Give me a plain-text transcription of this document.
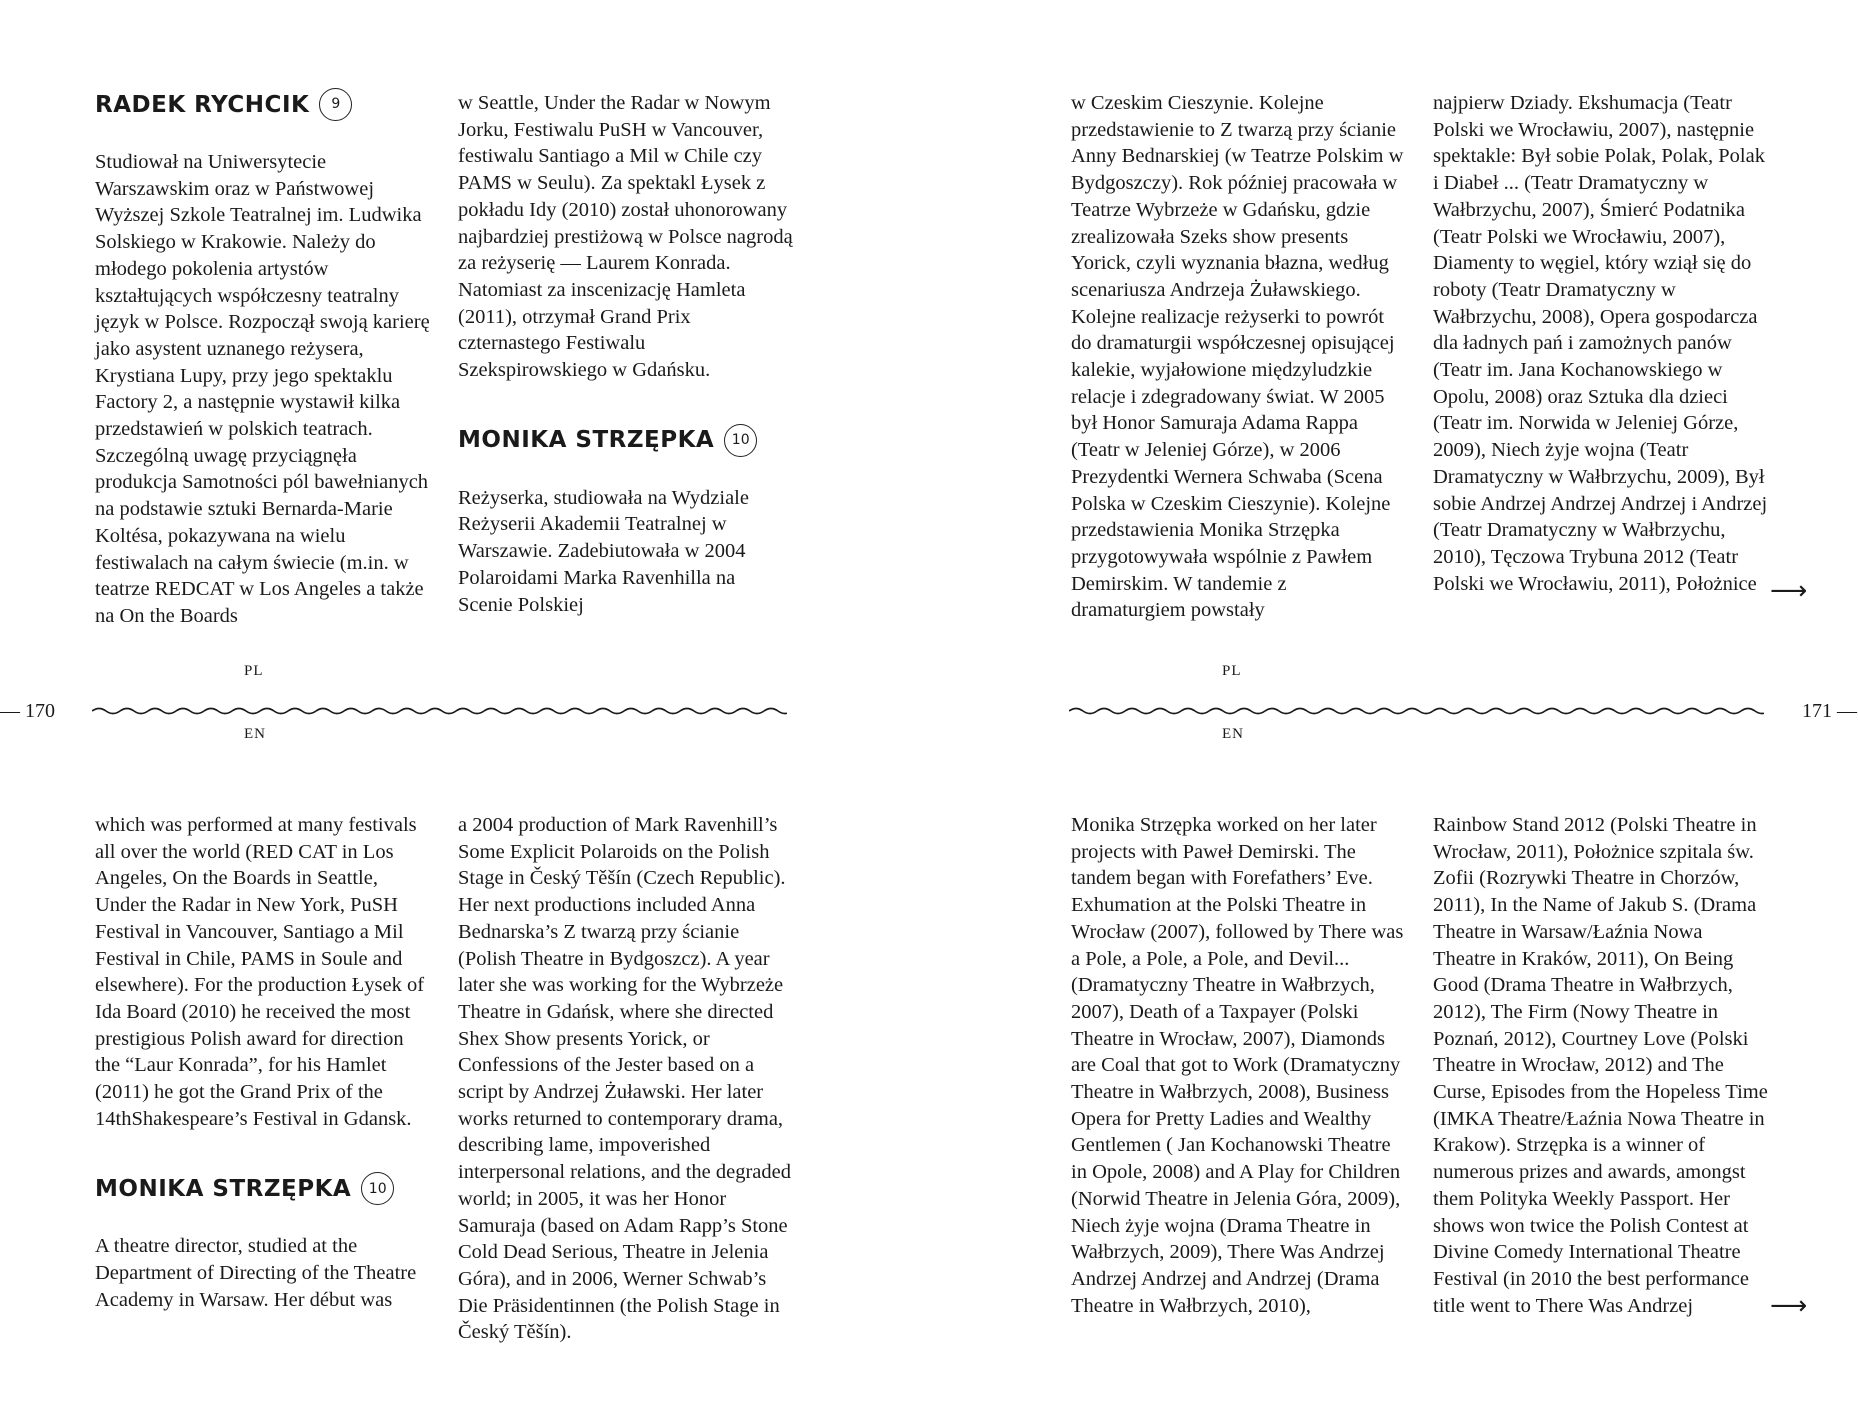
RADEK RYCHCIK	9

Studiował na Uniwersytecie Warszawskim oraz w Państwowej Wyższej Szkole Teatralnej im. Ludwika Solskiego w Krakowie. Należy do młodego pokolenia artystów kształtujących współczesny teatralny język w Polsce. Rozpoczął swoją karierę jako asystent uznanego reżysera, Krystiana Lupy, przy jego spektaklu Factory 2, a następnie wystawił kilka przedstawień w polskich teatrach. Szczególną uwagę przyciągnęła produkcja Samotności pól bawełnianych na podstawie sztuki Bernarda-Marie Koltésa, pokazywana na wielu festiwalach na całym świecie (m.in. w teatrze REDCAT w Los Angeles a także na On the Boards

w Seattle, Under the Radar w Nowym Jorku, Festiwalu PuSH w Vancouver, festiwalu Santiago a Mil w Chile czy PAMS w Seulu). Za spektakl Łysek z pokładu Idy (2010) został uhonorowany najbardziej prestiżową w Polsce nagrodą za reżyserię — Laurem Konrada. Natomiast za inscenizację Hamleta (2011), otrzymał Grand Prix czternastego Festiwalu Szekspirowskiego w Gdańsku.

MONIKA STRZĘPKA	10

Reżyserka, studiowała na Wydziale Reżyserii Akademii Teatralnej w Warszawie. Zadebiutowała w 2004 Polaroidami Marka Ravenhilla na Scenie Polskiej

PL
EN
— 170

which was performed at many festivals all over the world (RED CAT in Los Angeles, On the Boards in Seattle, Under the Radar in New York, PuSH Festival in Vancouver, Santiago a Mil Festival in Chile, PAMS in Soule and elsewhere). For the production Łysek of Ida Board (2010) he received the most prestigious Polish award for direction the “Laur Konrada”, for his Hamlet (2011) he got the Grand Prix of the 14thShakespeare’s Festival in Gdansk.

MONIKA STRZĘPKA	10

A theatre director, studied at the Department of Directing of the Theatre Academy in Warsaw. Her début was

a 2004 production of Mark Ravenhill’s Some Explicit Polaroids on the Polish Stage in Český Těšín (Czech Republic). Her next productions included Anna Bednarska’s Z twarzą przy ścianie (Polish Theatre in Bydgoszcz). A year later she was working for the Wybrzeże Theatre in Gdańsk, where she directed Shex Show presents Yorick, or Confessions of the Jester based on a script by Andrzej Żuławski. Her later works returned to contemporary drama, describing lame, impoverished interpersonal relations, and the degraded world; in 2005, it was her Honor Samuraja (based on Adam Rapp’s Stone Cold Dead Serious, Theatre in Jelenia Góra), and in 2006, Werner Schwab’s Die Präsidentinnen (the Polish Stage in Český Těšín).

w Czeskim Cieszynie. Kolejne przedstawienie to Z twarzą przy ścianie Anny Bednarskiej (w Teatrze Polskim w Bydgoszczy). Rok później pracowała w Teatrze Wybrzeże w Gdańsku, gdzie zrealizowała Szeks show presents Yorick, czyli wyznania błazna, według scenariusza Andrzeja Żuławskiego. Kolejne realizacje reżyserki to powrót do dramaturgii współczesnej opisującej kalekie, wyjałowione międzyludzkie relacje i zdegradowany świat. W 2005 był Honor Samuraja Adama Rappa (Teatr w Jeleniej Górze), w 2006 Prezydentki Wernera Schwaba (Scena Polska w Czeskim Cieszynie). Kolejne przedstawienia Monika Strzępka przygotowywała wspólnie z Pawłem Demirskim. W tandemie z dramaturgiem powstały

najpierw Dziady. Ekshumacja (Teatr Polski we Wrocławiu, 2007), następnie spektakle: Był sobie Polak, Polak, Polak i Diabeł ... (Teatr Dramatyczny w Wałbrzychu, 2007), Śmierć Podatnika (Teatr Polski we Wrocławiu, 2007), Diamenty to węgiel, który wziął się do roboty (Teatr Dramatyczny w Wałbrzychu, 2008), Opera gospodarcza dla ładnych pań i zamożnych panów (Teatr im. Jana Kochanowskiego w Opolu, 2008) oraz Sztuka dla dzieci (Teatr im. Norwida w Jeleniej Górze, 2009), Niech żyje wojna (Teatr Dramatyczny w Wałbrzychu, 2009), Był sobie Andrzej Andrzej Andrzej i Andrzej (Teatr Dramatyczny w Wałbrzychu, 2010), Tęczowa Trybuna 2012 (Teatr Polski we Wrocławiu, 2011), Położnice ⟶
PL
EN
171 —

Monika Strzępka worked on her later projects with Paweł Demirski. The tandem began with Forefathers’ Eve. Exhumation at the Polski Theatre in Wrocław (2007), followed by There was a Pole, a Pole, a Pole, and Devil... (Dramatyczny Theatre in Wałbrzych, 2007), Death of a Taxpayer (Polski Theatre in Wrocław, 2007), Diamonds are Coal that got to Work (Dramatyczny Theatre in Wałbrzych, 2008), Business Opera for Pretty Ladies and Wealthy Gentlemen ( Jan Kochanowski Theatre in Opole, 2008) and A Play for Children (Norwid Theatre in Jelenia Góra, 2009), Niech żyje wojna (Drama Theatre in Wałbrzych, 2009), There Was Andrzej Andrzej Andrzej and Andrzej (Drama Theatre in Wałbrzych, 2010),

Rainbow Stand 2012 (Polski Theatre in Wrocław, 2011), Położnice szpitala św. Zofii (Rozrywki Theatre in Chorzów, 2011), In the Name of Jakub S. (Drama Theatre in Warsaw/Łaźnia Nowa Theatre in Kraków, 2011), On Being Good (Drama Theatre in Wałbrzych, 2012), The Firm (Nowy Theatre in Poznań, 2012), Courtney Love (Polski Theatre in Wrocław, 2012) and The Curse, Episodes from the Hopeless Time (IMKA Theatre/Łaźnia Nowa Theatre in Krakow). Strzępka is a winner of numerous prizes and awards, amongst them Polityka Weekly Passport. Her shows won twice the Polish Contest at Divine Comedy International Theatre Festival (in 2010 the best performance title went to There Was Andrzej	⟶
